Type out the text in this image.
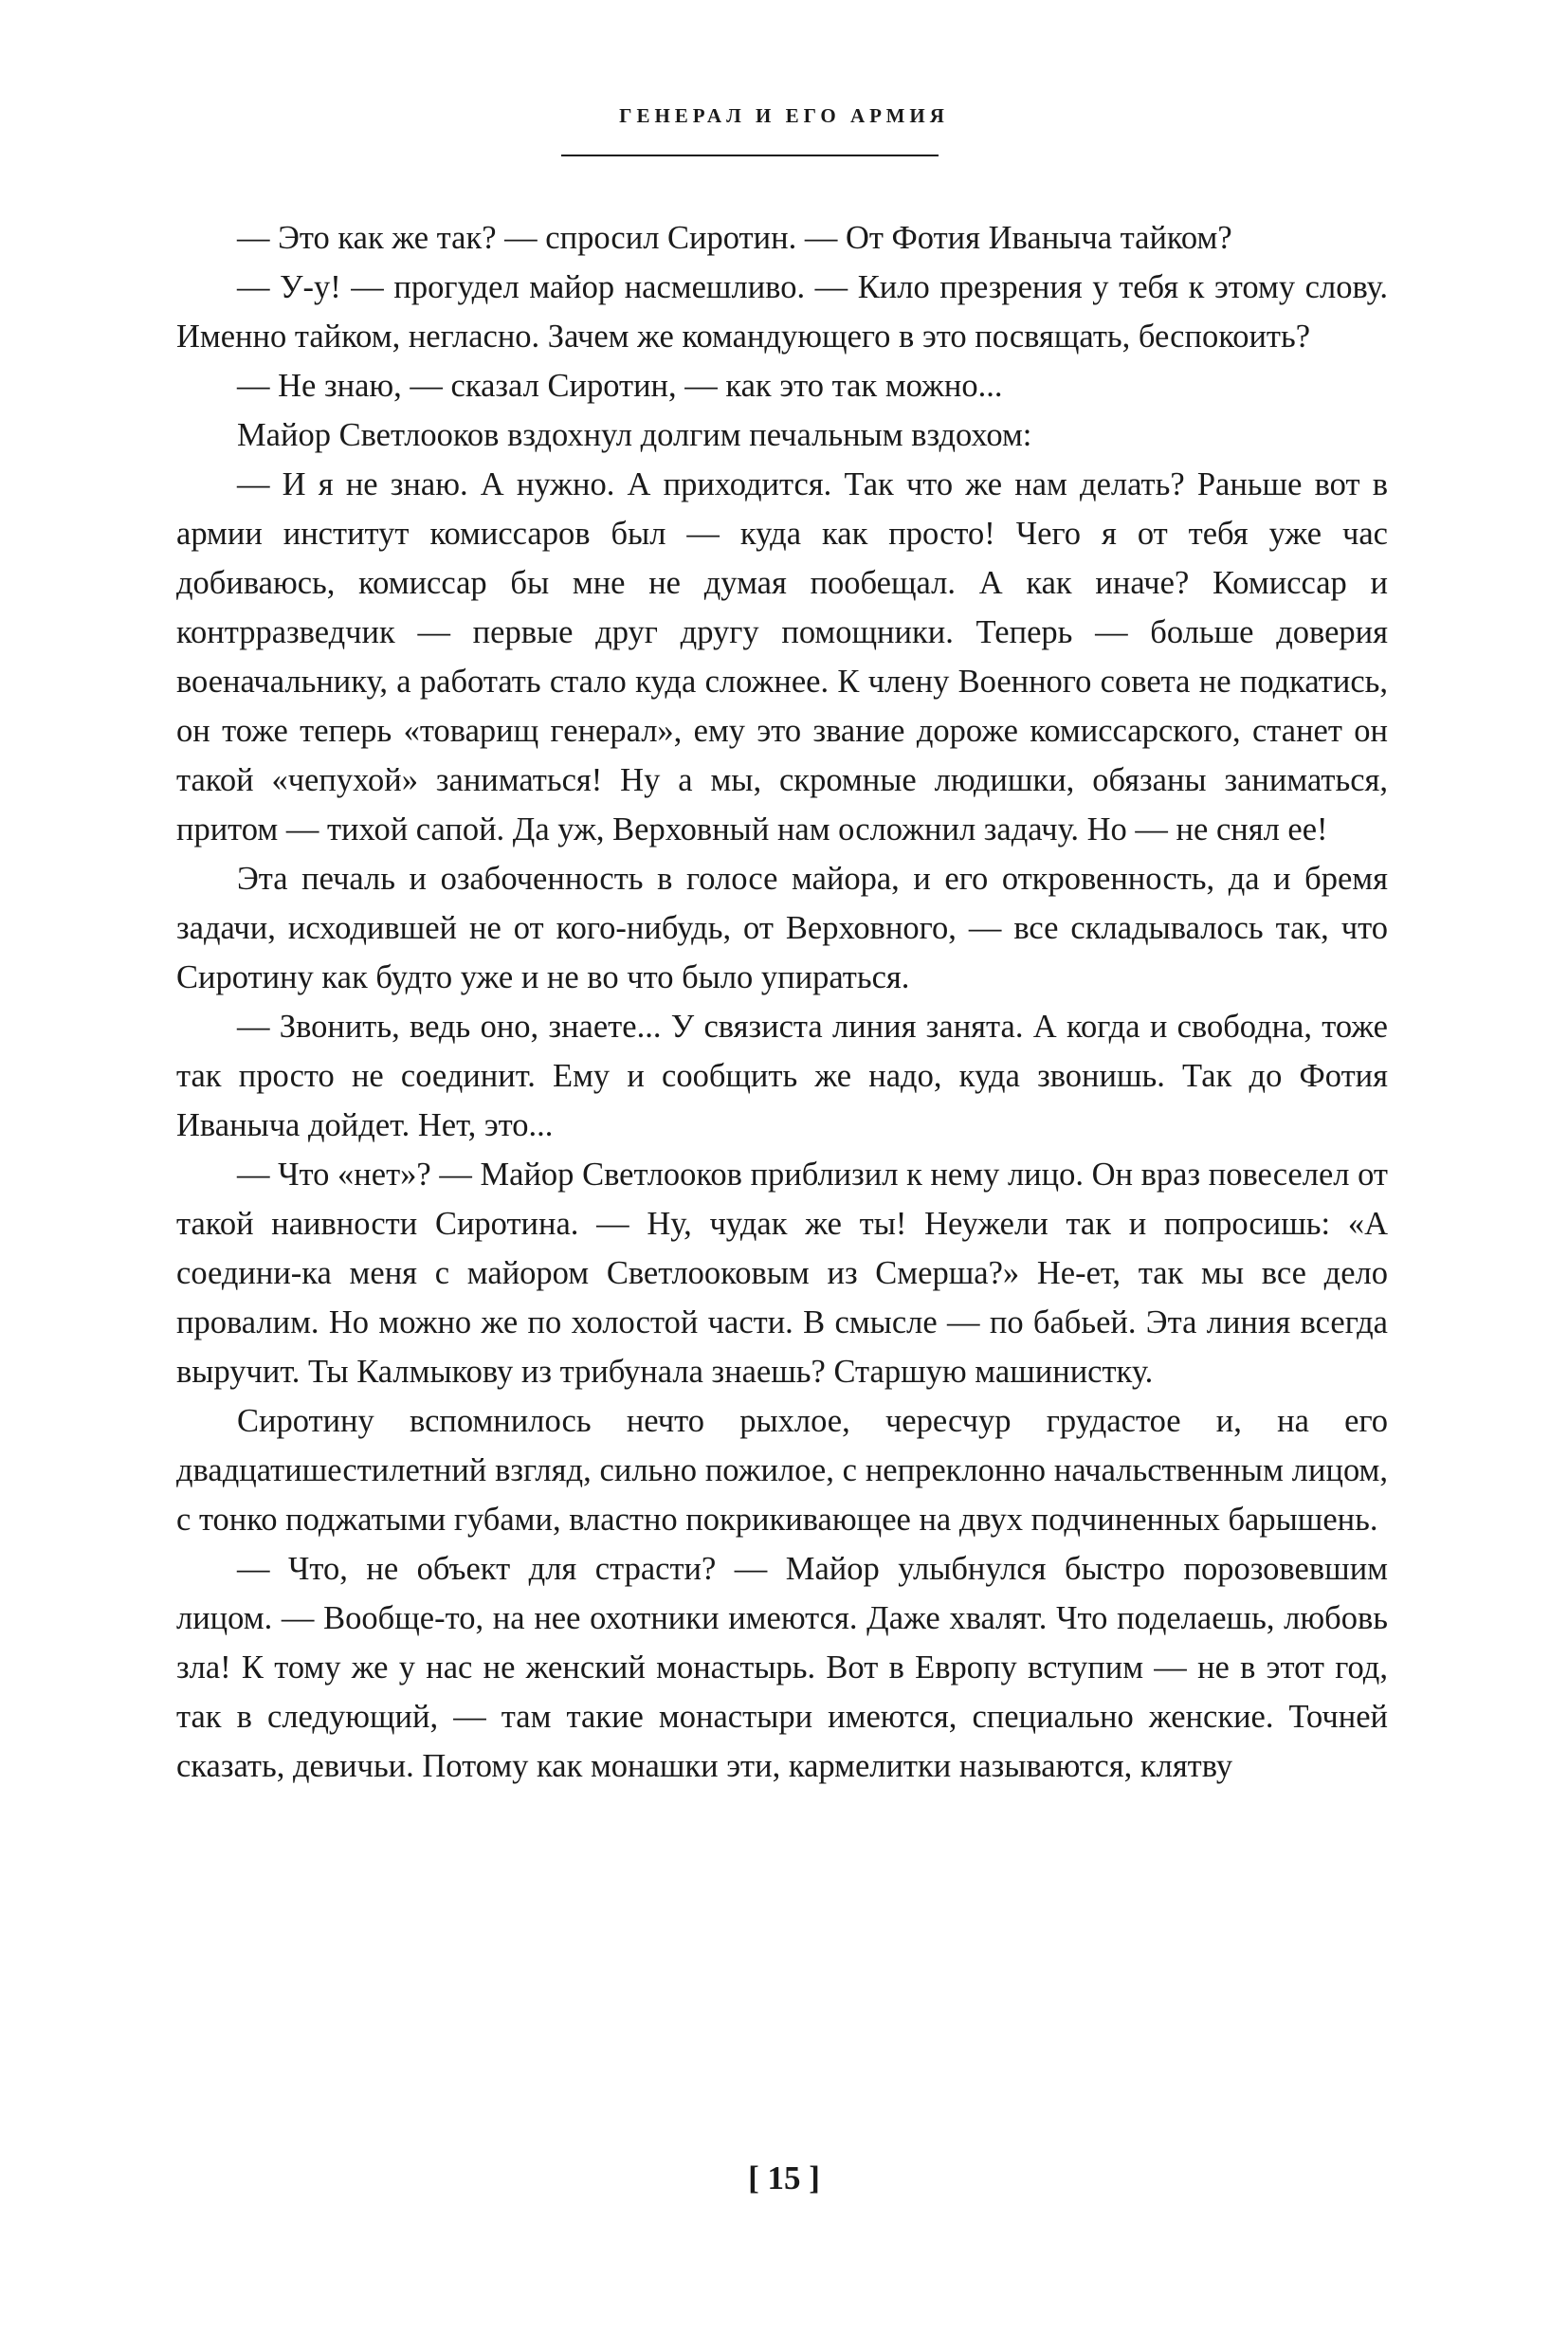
ГЕНЕРАЛ И ЕГО АРМИЯ

— Это как же так? — спросил Сиротин. — От Фотия Иваныча тайком?

— У-у! — прогудел майор насмешливо. — Кило презрения у тебя к этому слову. Именно тайком, негласно. Зачем же командующего в это посвящать, беспокоить?

— Не знаю, — сказал Сиротин, — как это так можно...

Майор Светлооков вздохнул долгим печальным вздохом:

— И я не знаю. А нужно. А приходится. Так что же нам делать? Раньше вот в армии институт комиссаров был — куда как просто! Чего я от тебя уже час добиваюсь, комиссар бы мне не думая пообещал. А как иначе? Комиссар и контрразведчик — первые друг другу помощники. Теперь — больше доверия военачальнику, а работать стало куда сложнее. К члену Военного совета не подкатись, он тоже теперь «товарищ генерал», ему это звание дороже комиссарского, станет он такой «чепухой» заниматься! Ну а мы, скромные людишки, обязаны заниматься, притом — тихой сапой. Да уж, Верховный нам осложнил задачу. Но — не снял ее!

Эта печаль и озабоченность в голосе майора, и его откровенность, да и бремя задачи, исходившей не от кого-нибудь, от Верховного, — все складывалось так, что Сиротину как будто уже и не во что было упираться.

— Звонить, ведь оно, знаете... У связиста линия занята. А когда и свободна, тоже так просто не соединит. Ему и сообщить же надо, куда звонишь. Так до Фотия Иваныча дойдет. Нет, это...

— Что «нет»? — Майор Светлооков приблизил к нему лицо. Он враз повеселел от такой наивности Сиротина. — Ну, чудак же ты! Неужели так и попросишь: «А соедини-ка меня с майором Светлооковым из Смерша?» Не-ет, так мы все дело провалим. Но можно же по холостой части. В смысле — по бабьей. Эта линия всегда выручит. Ты Калмыкову из трибунала знаешь? Старшую машинистку.

Сиротину вспомнилось нечто рыхлое, чересчур грудастое и, на его двадцатишестилетний взгляд, сильно пожилое, с непреклонно начальственным лицом, с тонко поджатыми губами, властно покрикивающее на двух подчиненных барышень.

— Что, не объект для страсти? — Майор улыбнулся быстро порозовевшим лицом. — Вообще-то, на нее охотники имеются. Даже хвалят. Что поделаешь, любовь зла! К тому же у нас не женский монастырь. Вот в Европу вступим — не в этот год, так в следующий, — там такие монастыри имеются, специально женские. Точней сказать, девичьи. Потому как монашки эти, кармелитки называются, клятву

[ 15 ]
